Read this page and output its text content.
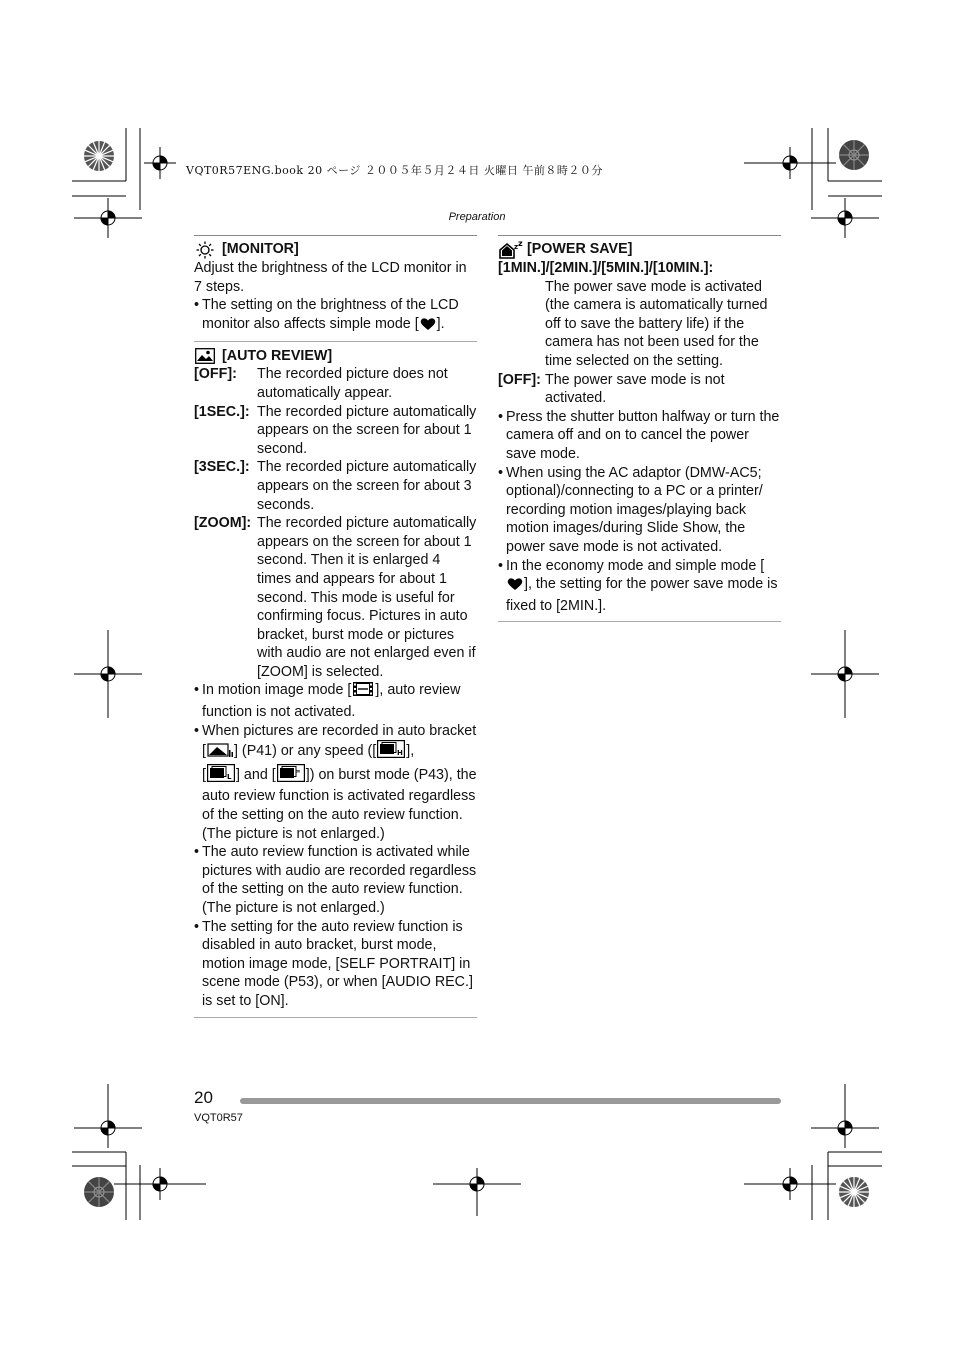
VQT0R57ENG.book 20 ページ ２００５年５月２４日 火曜日 午前８時２０分
Preparation
[MONITOR]

Adjust the brightness of the LCD monitor in 7 steps.

• The setting on the brightness of the LCD monitor also affects simple mode [ ].

[AUTO REVIEW]
[OFF]:	The recorded picture does not automatically appear.
[1SEC.]: The recorded picture automatically appears on the screen for about 1 second.
[3SEC.]: The recorded picture automatically appears on the screen for about 3 seconds.
[ZOOM]: The recorded picture automatically appears on the screen for about 1 second. Then it is enlarged 4 times and appears for about 1 second. This mode is useful for confirming focus. Pictures in auto bracket, burst mode or pictures with audio are not enlarged even if [ZOOM] is selected.

• In motion image mode [ ], auto review function is not activated.

• When pictures are recorded in auto bracket [ ] (P41) or any speed ([	H ],
[	L ] and [	∞ ]) on burst mode (P43), the auto review function is activated regardless of the setting on the auto review function. (The picture is not enlarged.)

• The auto review function is activated while pictures with audio are recorded regardless of the setting on the auto review function. (The picture is not enlarged.)

• The setting for the auto review function is disabled in auto bracket, burst mode, motion image mode, [SELF PORTRAIT] in scene mode (P53), or when [AUDIO REC.] is set to [ON].

z z [POWER SAVE]

[1MIN.]/[2MIN.]/[5MIN.]/[10MIN.]:

The power save mode is activated (the camera is automatically turned off to save the battery life) if the camera has not been used for the time selected on the setting.

[OFF]: The power save mode is not activated.

• Press the shutter button halfway or turn the camera off and on to cancel the power save mode.

• When using the AC adaptor (DMW-AC5; optional)/connecting to a PC or a printer/ recording motion images/playing back motion images/during Slide Show, the power save mode is not activated.

• In the economy mode and simple mode [], the setting for the power save mode is fixed to [2MIN.].

20
VQT0R57
